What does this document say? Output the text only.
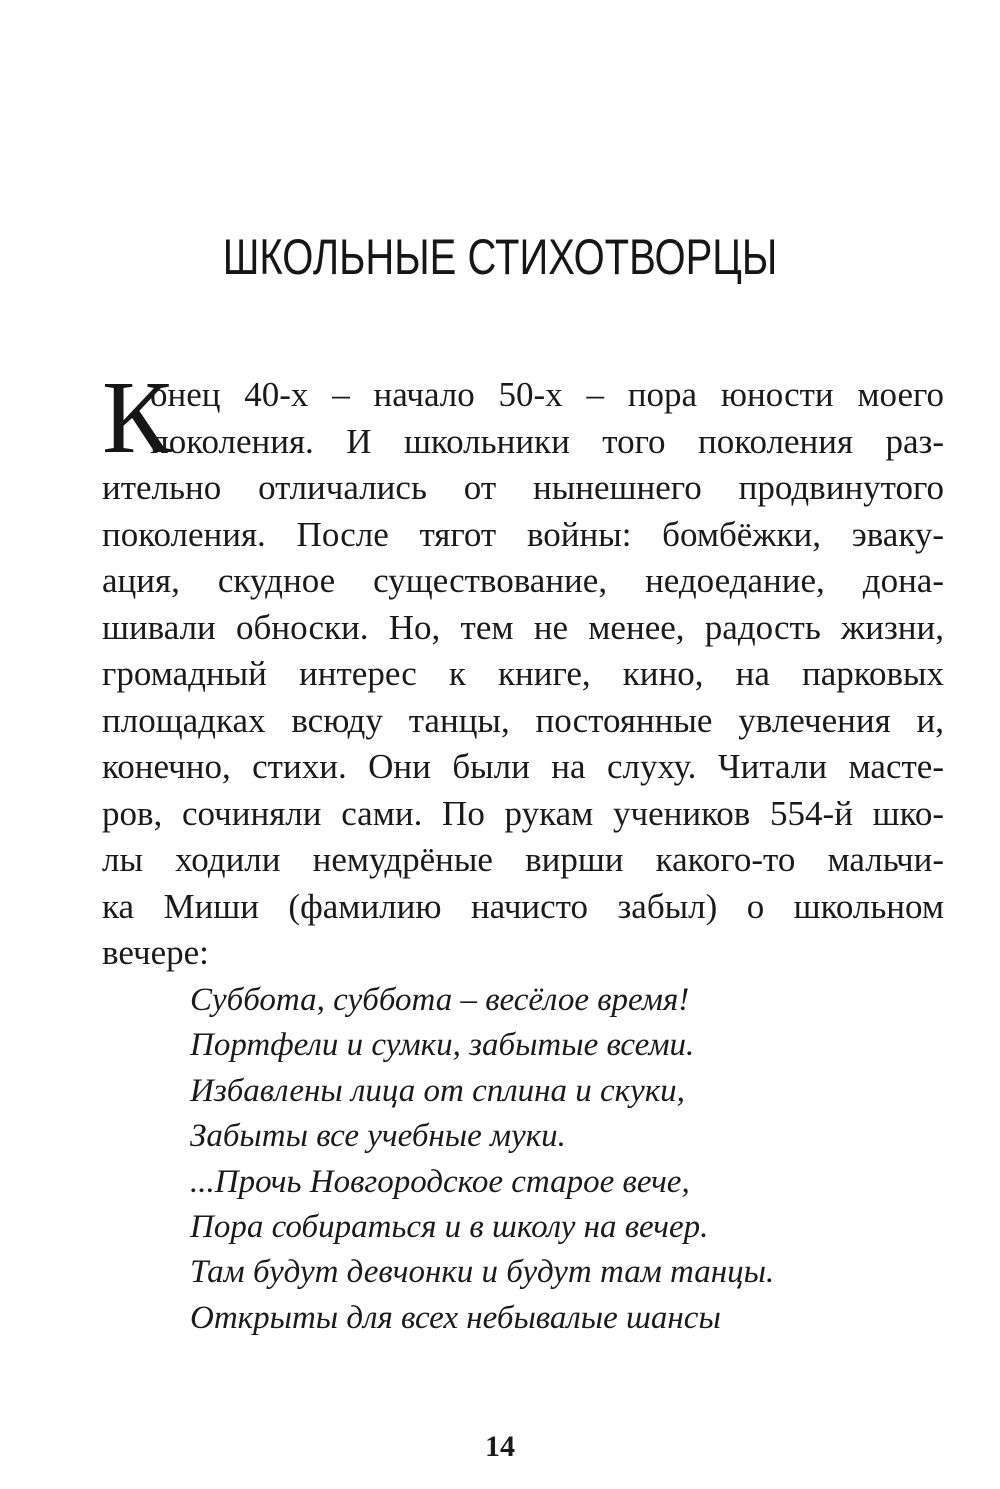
ШКОЛЬНЫЕ СТИХОТВОРЦЫ
К
онец 40-х – начало 50-х – пора юности моего
поколения. И школьники того поколения раз-
ительно отличались от нынешнего продвинутого
поколения. После тягот войны: бомбёжки, эваку-
ация, скудное существование, недоедание, дона-
шивали обноски. Но, тем не менее, радость жизни,
громадный интерес к книге, кино, на парковых
площадках всюду танцы, постоянные увлечения и,
конечно, стихи. Они были на слуху. Читали масте-
ров, сочиняли сами. По рукам учеников 554-й шко-
лы ходили немудрёные вирши какого-то мальчи-
ка Миши (фамилию начисто забыл) о школьном
вечере:
Суббота, суббота – весёлое время!
Портфели и сумки, забытые всеми.
Избавлены лица от сплина и скуки,
Забыты все учебные муки.
...Прочь Новгородское старое вече,
Пора собираться и в школу на вечер.
Там будут девчонки и будут там танцы.
Открыты для всех небывалые шансы
14
